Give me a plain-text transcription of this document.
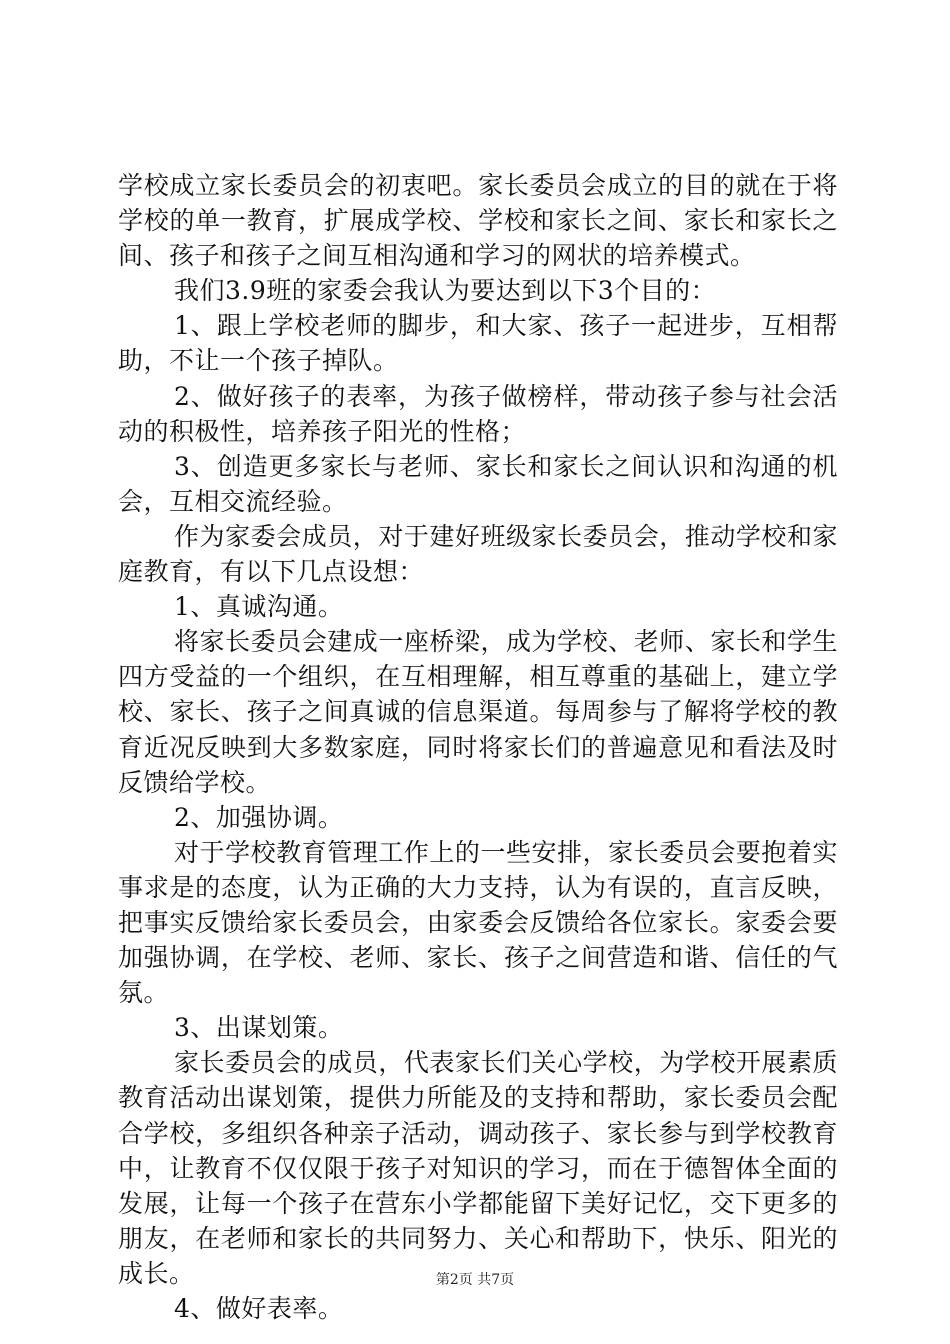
学校成立家长委员会的初衷吧。家长委员会成立的目的就在于将学校的单一教育，扩展成学校、学校和家长之间、家长和家长之间、孩子和孩子之间互相沟通和学习的网状的培养模式。

我们3.9班的家委会我认为要达到以下3个目的：

1、跟上学校老师的脚步，和大家、孩子一起进步，互相帮助，不让一个孩子掉队。

2、做好孩子的表率，为孩子做榜样，带动孩子参与社会活动的积极性，培养孩子阳光的性格；

3、创造更多家长与老师、家长和家长之间认识和沟通的机会，互相交流经验。

作为家委会成员，对于建好班级家长委员会，推动学校和家庭教育，有以下几点设想：

1、真诚沟通。

将家长委员会建成一座桥梁，成为学校、老师、家长和学生四方受益的一个组织，在互相理解，相互尊重的基础上，建立学校、家长、孩子之间真诚的信息渠道。每周参与了解将学校的教育近况反映到大多数家庭，同时将家长们的普遍意见和看法及时反馈给学校。

2、加强协调。

对于学校教育管理工作上的一些安排，家长委员会要抱着实事求是的态度，认为正确的大力支持，认为有误的，直言反映，把事实反馈给家长委员会，由家委会反馈给各位家长。家委会要加强协调，在学校、老师、家长、孩子之间营造和谐、信任的气氛。

3、出谋划策。

家长委员会的成员，代表家长们关心学校，为学校开展素质教育活动出谋划策，提供力所能及的支持和帮助，家长委员会配合学校，多组织各种亲子活动，调动孩子、家长参与到学校教育中，让教育不仅仅限于孩子对知识的学习，而在于德智体全面的发展，让每一个孩子在营东小学都能留下美好记忆，交下更多的朋友，在老师和家长的共同努力、关心和帮助下，快乐、阳光的成长。

4、做好表率。

第2页 共7页
